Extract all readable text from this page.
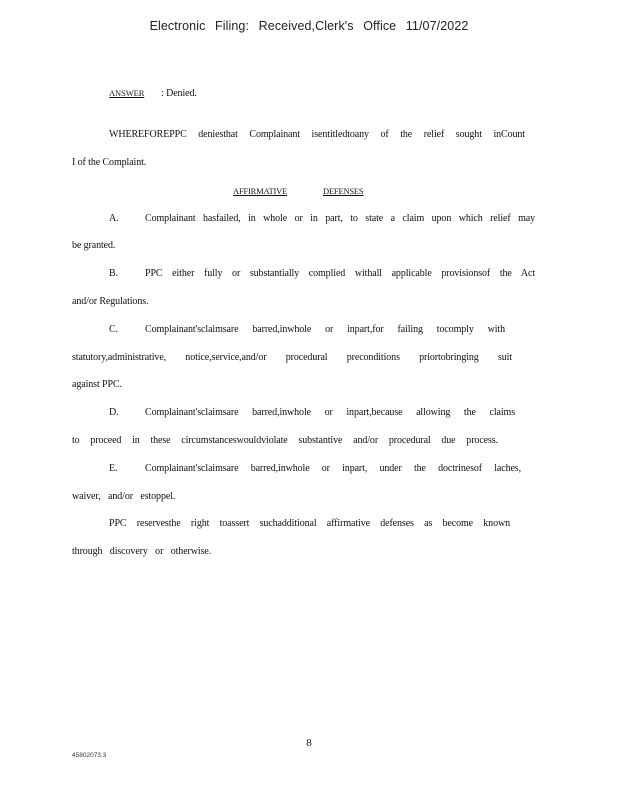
Electronic Filing: Received,Clerk's Office 11/07/2022
ANSWER : Denied.
WHEREFOREPPC deniesthat Complainant isentitledtoany of the relief sought inCount
I of the Complaint.
AFFIRMATIVE	DEFENSES
A.	Complainant hasfailed, in whole or in part, to state a claim upon which relief may
be granted.
B.	PPC either fully or substantially complied withall applicable provisionsof the Act
and/or Regulations.
C.	Complainant'sclaimsare barred,inwhole or inpart,for failing tocomply with
statutory,administrative, notice,service,and/or procedural preconditions priortobringing suit
against PPC.
D.	Complainant'sclaimsare barred,inwhole or inpart,because allowing the claims
to proceed in these circumstanceswouldviolate substantive and/or procedural due process.
E.	Complainant'sclaimsare barred,inwhole or inpart, under the doctrinesof laches,
waiver, and/or estoppel.
PPC reservesthe right toassert suchadditional affirmative defenses as become known
through discovery or otherwise.
8
45802073.3
